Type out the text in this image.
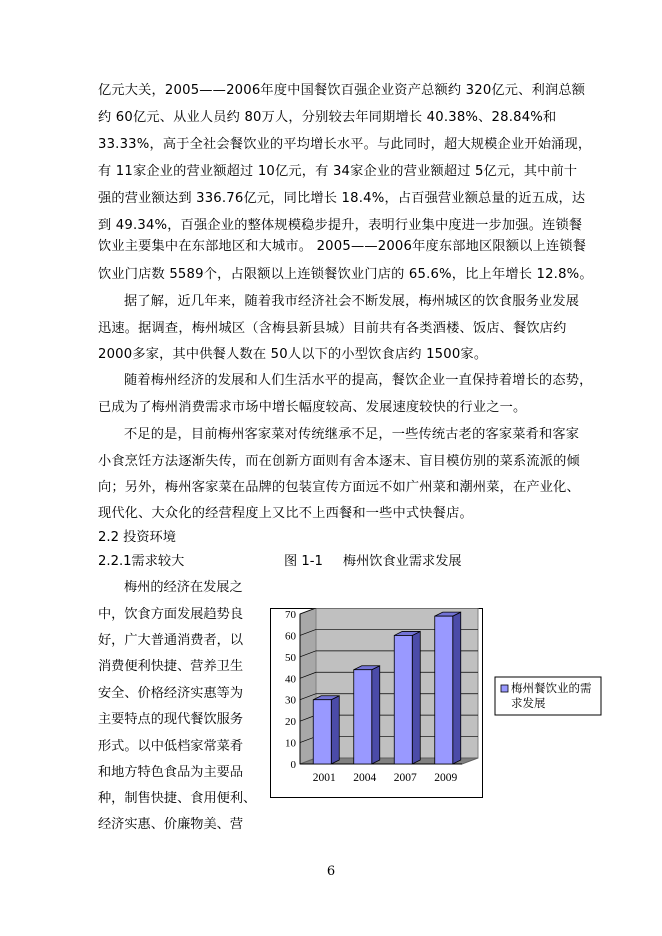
亿元大关，2005——2006年度中国餐饮百强企业资产总额约 320亿元、利润总额
约 60亿元、从业人员约 80万人，分别较去年同期增长 40.38%、28.84%和
33.33%，高于全社会餐饮业的平均增长水平。与此同时，超大规模企业开始涌现，
有 11家企业的营业额超过 10亿元，有 34家企业的营业额超过 5亿元，其中前十
强的营业额达到 336.76亿元，同比增长 18.4%，占百强营业额总量的近五成，达
到 49.34%，百强企业的整体规模稳步提升，表明行业集中度进一步加强。连锁餐
饮业主要集中在东部地区和大城市。 2005——2006年度东部地区限额以上连锁餐
饮业门店数 5589个，占限额以上连锁餐饮业门店的 65.6%，比上年增长 12.8%。
据了解，近几年来，随着我市经济社会不断发展，梅州城区的饮食服务业发展
迅速。据调查，梅州城区（含梅县新县城）目前共有各类酒楼、饭店、餐饮店约
2000多家，其中供餐人数在 50人以下的小型饮食店约 1500家。
随着梅州经济的发展和人们生活水平的提高，餐饮企业一直保持着增长的态势，
已成为了梅州消费需求市场中增长幅度较高、发展速度较快的行业之一。
不足的是，目前梅州客家菜对传统继承不足，一些传统古老的客家菜肴和客家
小食烹饪方法逐渐失传，而在创新方面则有舍本逐末、盲目模仿别的菜系流派的倾
向；另外，梅州客家菜在品牌的包装宣传方面远不如广州菜和潮州菜，在产业化、
现代化、大众化的经营程度上又比不上西餐和一些中式快餐店。
2.2 投资环境
2.2.1需求较大	图 1-1 梅州饮食业需求发展
梅州的经济在发展之
中，饮食方面发展趋势良
好，广大普通消费者，以
消费便利快捷、营养卫生
安全、价格经济实惠等为
主要特点的现代餐饮服务
形式。以中低档家常菜肴
和地方特色食品为主要品
种，制售快捷、食用便利、
经济实惠、价廉物美、营
0
10
20
30
40
50
60
70
2001 2004 2007 2009
梅州餐饮业的需
求发展
6
